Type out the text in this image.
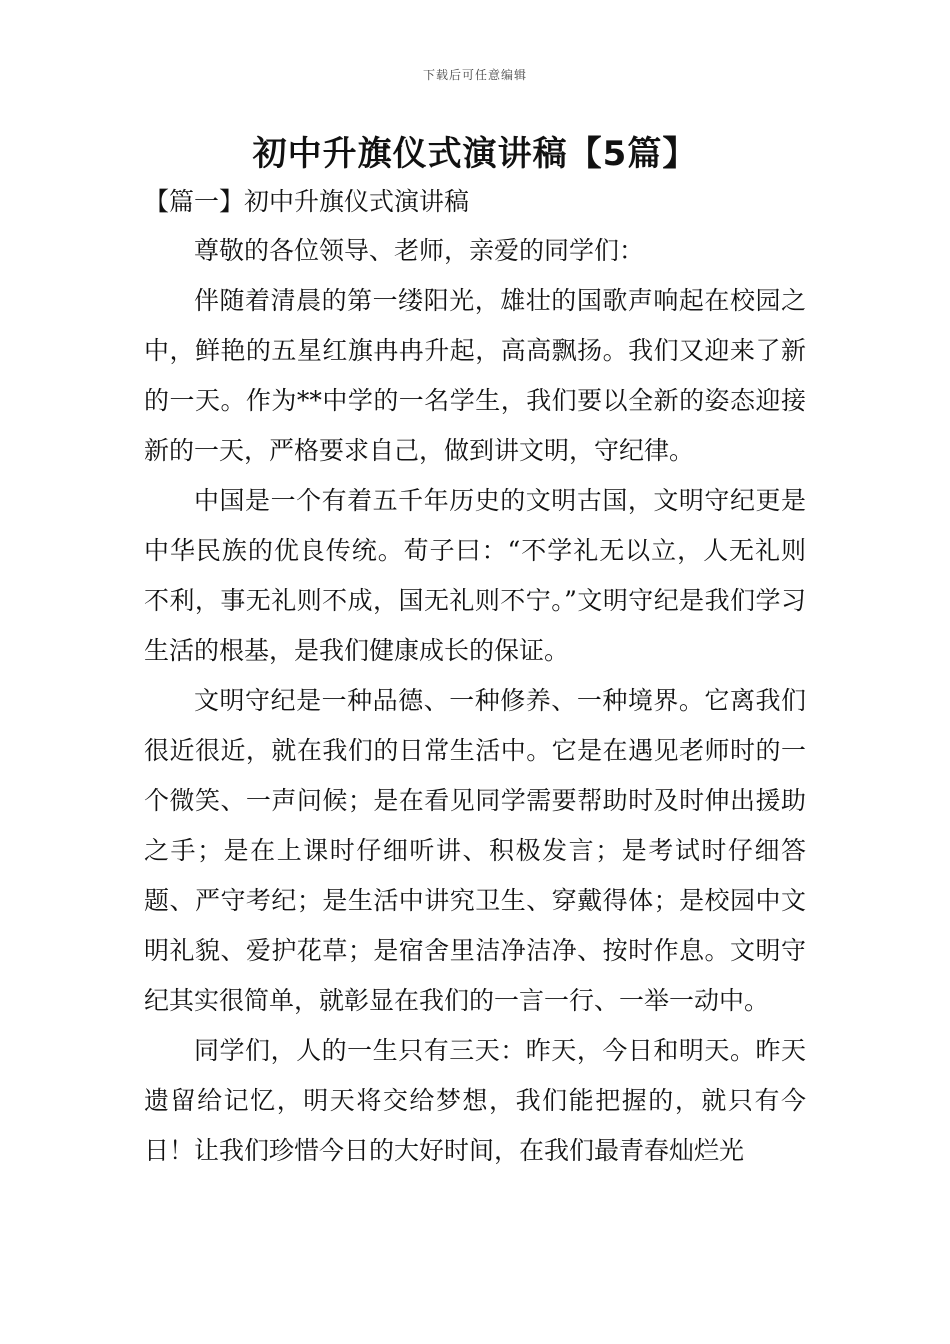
下载后可任意编辑
初中升旗仪式演讲稿【5篇】
【篇一】初中升旗仪式演讲稿

尊敬的各位领导、老师，亲爱的同学们：

伴随着清晨的第一缕阳光，雄壮的国歌声响起在校园之中，鲜艳的五星红旗冉冉升起，高高飘扬。我们又迎来了新的一天。作为**中学的一名学生，我们要以全新的姿态迎接新的一天，严格要求自己，做到讲文明，守纪律。

中国是一个有着五千年历史的文明古国，文明守纪更是中华民族的优良传统。荀子曰：“不学礼无以立，人无礼则不利，事无礼则不成，国无礼则不宁。”文明守纪是我们学习生活的根基，是我们健康成长的保证。

文明守纪是一种品德、一种修养、一种境界。它离我们很近很近，就在我们的日常生活中。它是在遇见老师时的一个微笑、一声问候；是在看见同学需要帮助时及时伸出援助之手；是在上课时仔细听讲、积极发言；是考试时仔细答题、严守考纪；是生活中讲究卫生、穿戴得体；是校园中文明礼貌、爱护花草；是宿舍里洁净洁净、按时作息。文明守纪其实很简单，就彰显在我们的一言一行、一举一动中。

同学们，人的一生只有三天：昨天，今日和明天。昨天遗留给记忆，明天将交给梦想，我们能把握的，就只有今日！让我们珍惜今日的大好时间，在我们最青春灿烂光
